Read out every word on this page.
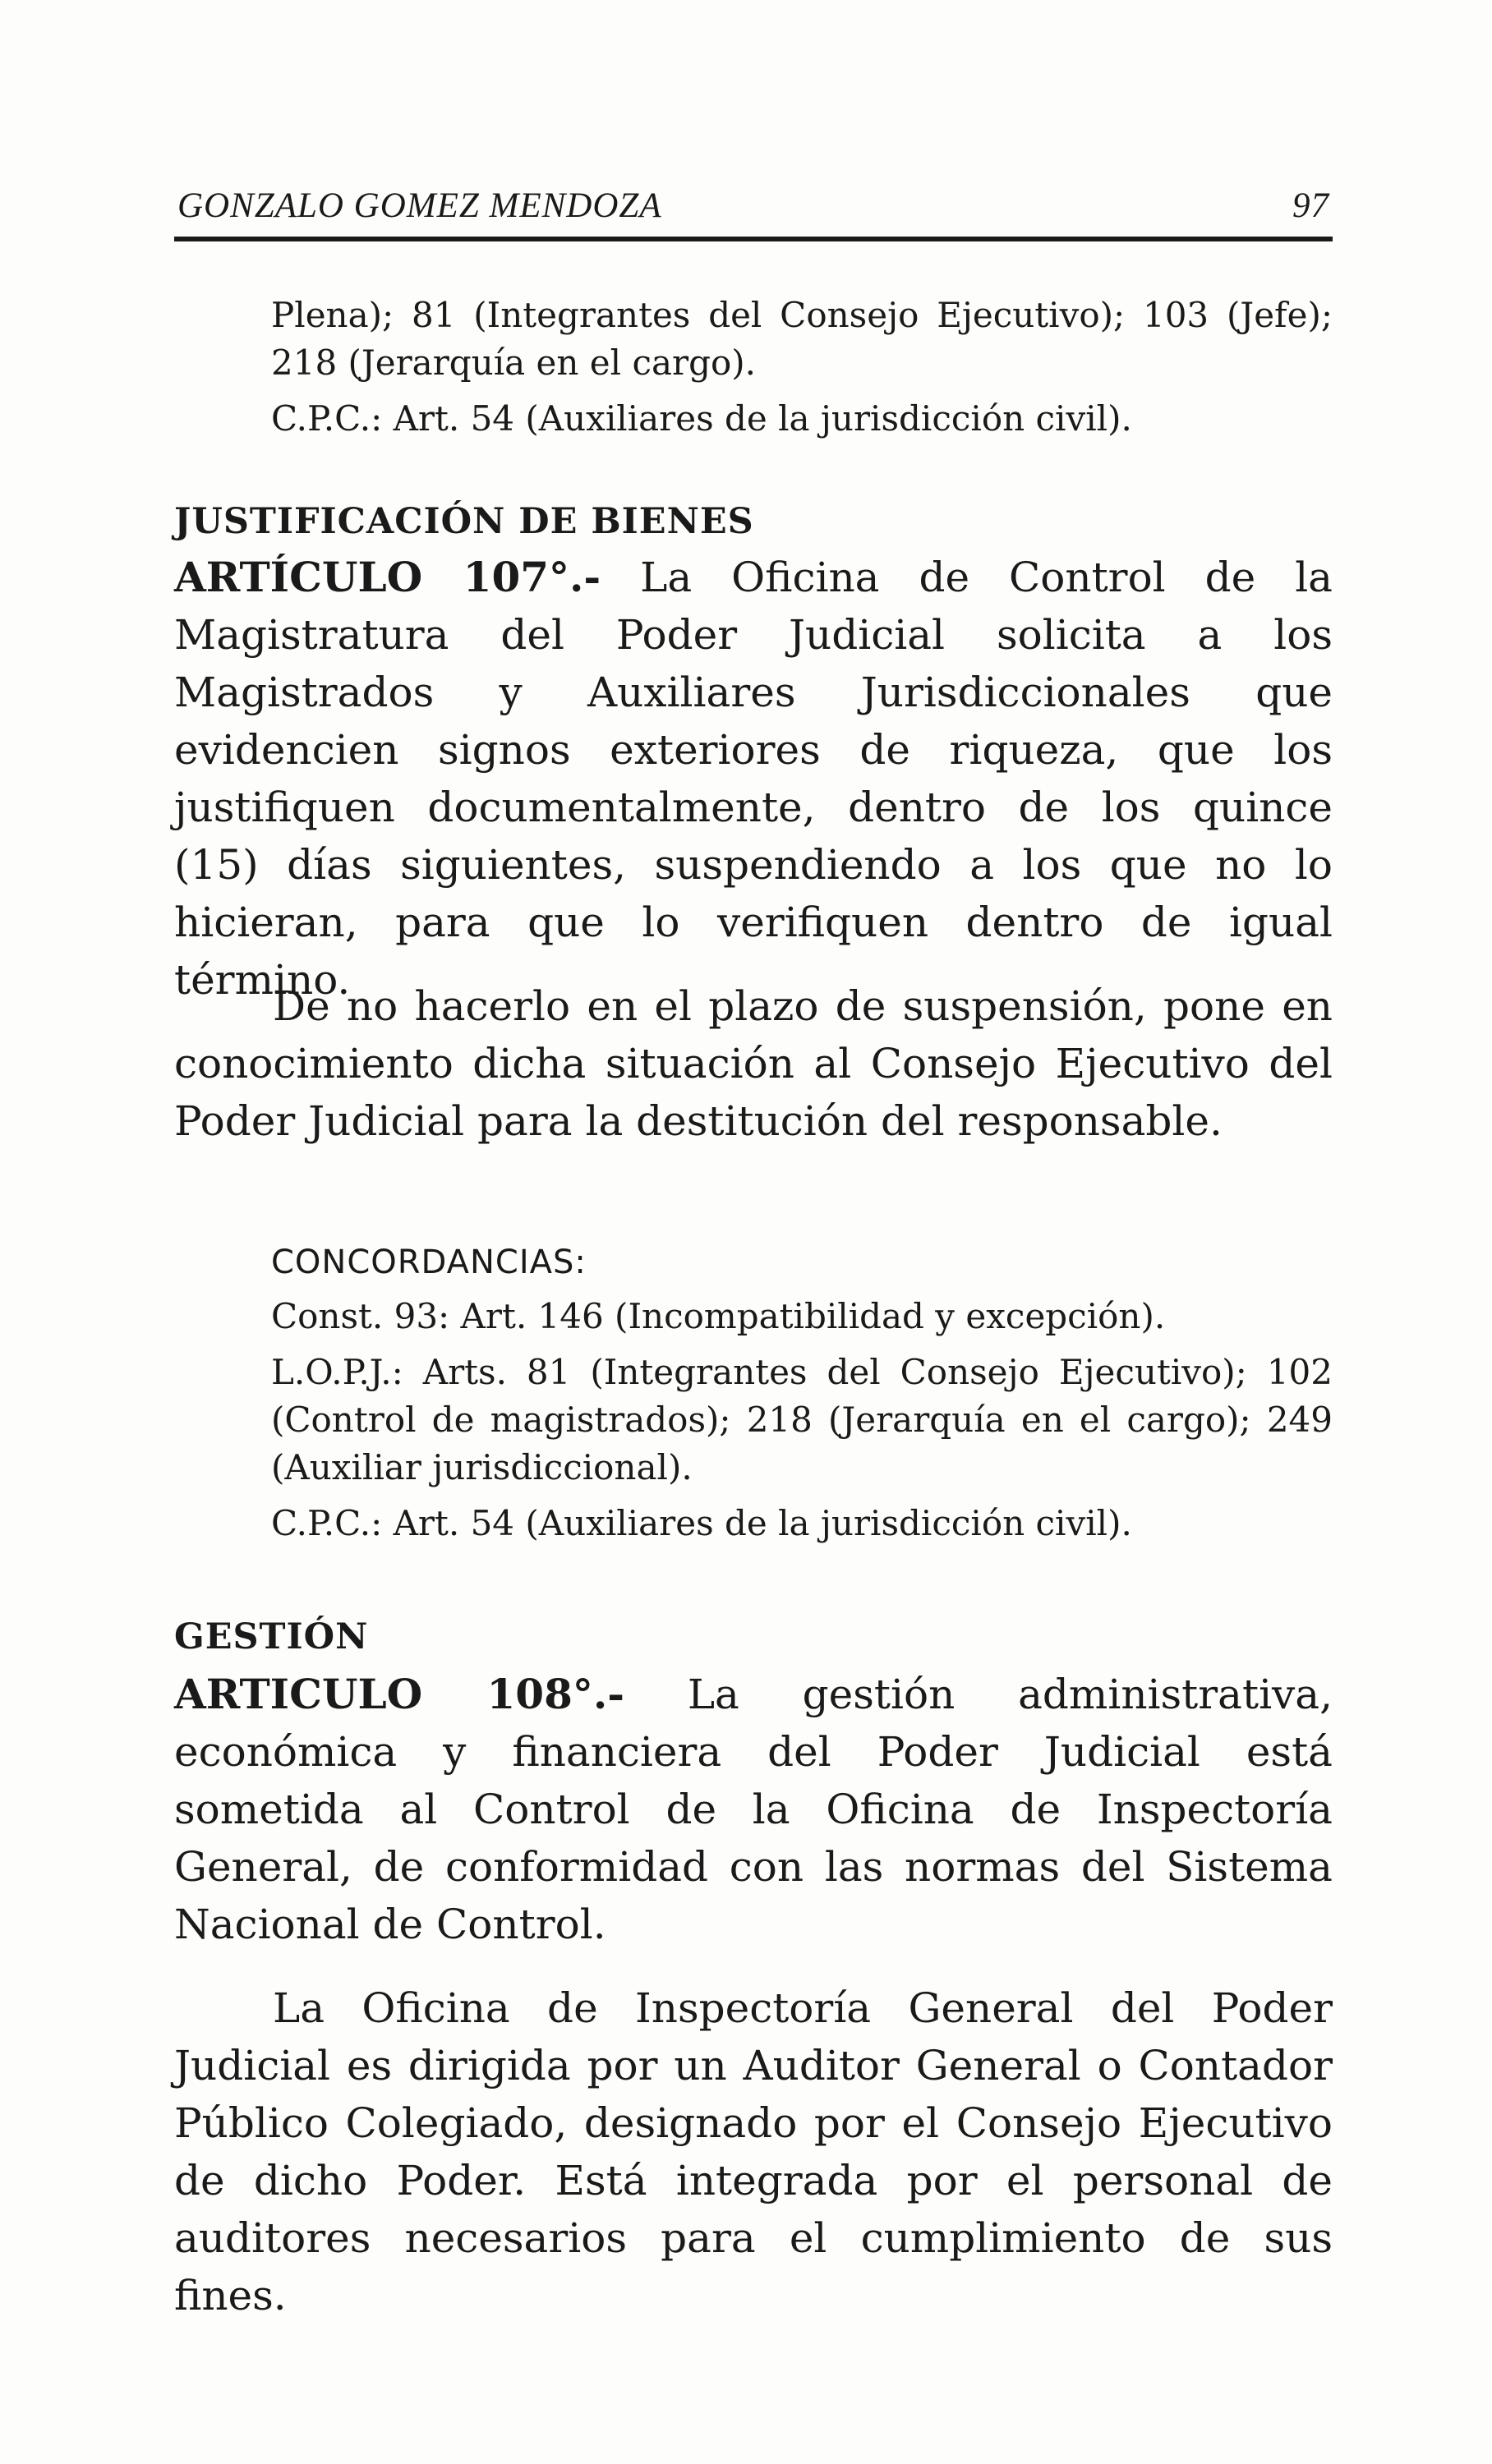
GONZALO GOMEZ MENDOZA	97

Plena); 81 (Integrantes del Consejo Ejecutivo); 103 (Jefe); 218 (Jerarquía en el cargo).

C.P.C.: Art. 54 (Auxiliares de la jurisdicción civil).

JUSTIFICACIÓN DE BIENES

ARTÍCULO 107°.- La Oficina de Control de la Magistratura del Poder Judicial solicita a los Magistrados y Auxiliares Jurisdiccionales que evidencien signos exteriores de riqueza, que los justifiquen documentalmente, dentro de los quince (15) días siguientes, suspendiendo a los que no lo hicieran, para que lo verifiquen dentro de igual término.

De no hacerlo en el plazo de suspensión, pone en conocimiento dicha situación al Consejo Ejecutivo del Poder Judicial para la destitución del responsable.

CONCORDANCIAS:

Const. 93: Art. 146 (Incompatibilidad y excepción).

L.O.P.J.: Arts. 81 (Integrantes del Consejo Ejecutivo); 102 (Control de magistrados); 218 (Jerarquía en el cargo); 249 (Auxiliar jurisdiccional).

C.P.C.: Art. 54 (Auxiliares de la jurisdicción civil).

GESTIÓN

ARTICULO 108°.- La gestión administrativa, económica y financiera del Poder Judicial está sometida al Control de la Oficina de Inspectoría General, de conformidad con las normas del Sistema Nacional de Control.

La Oficina de Inspectoría General del Poder Judicial es dirigida por un Auditor General o Contador Público Colegiado, designado por el Consejo Ejecutivo de dicho Poder. Está integrada por el personal de auditores necesarios para el cumplimiento de sus fines.
